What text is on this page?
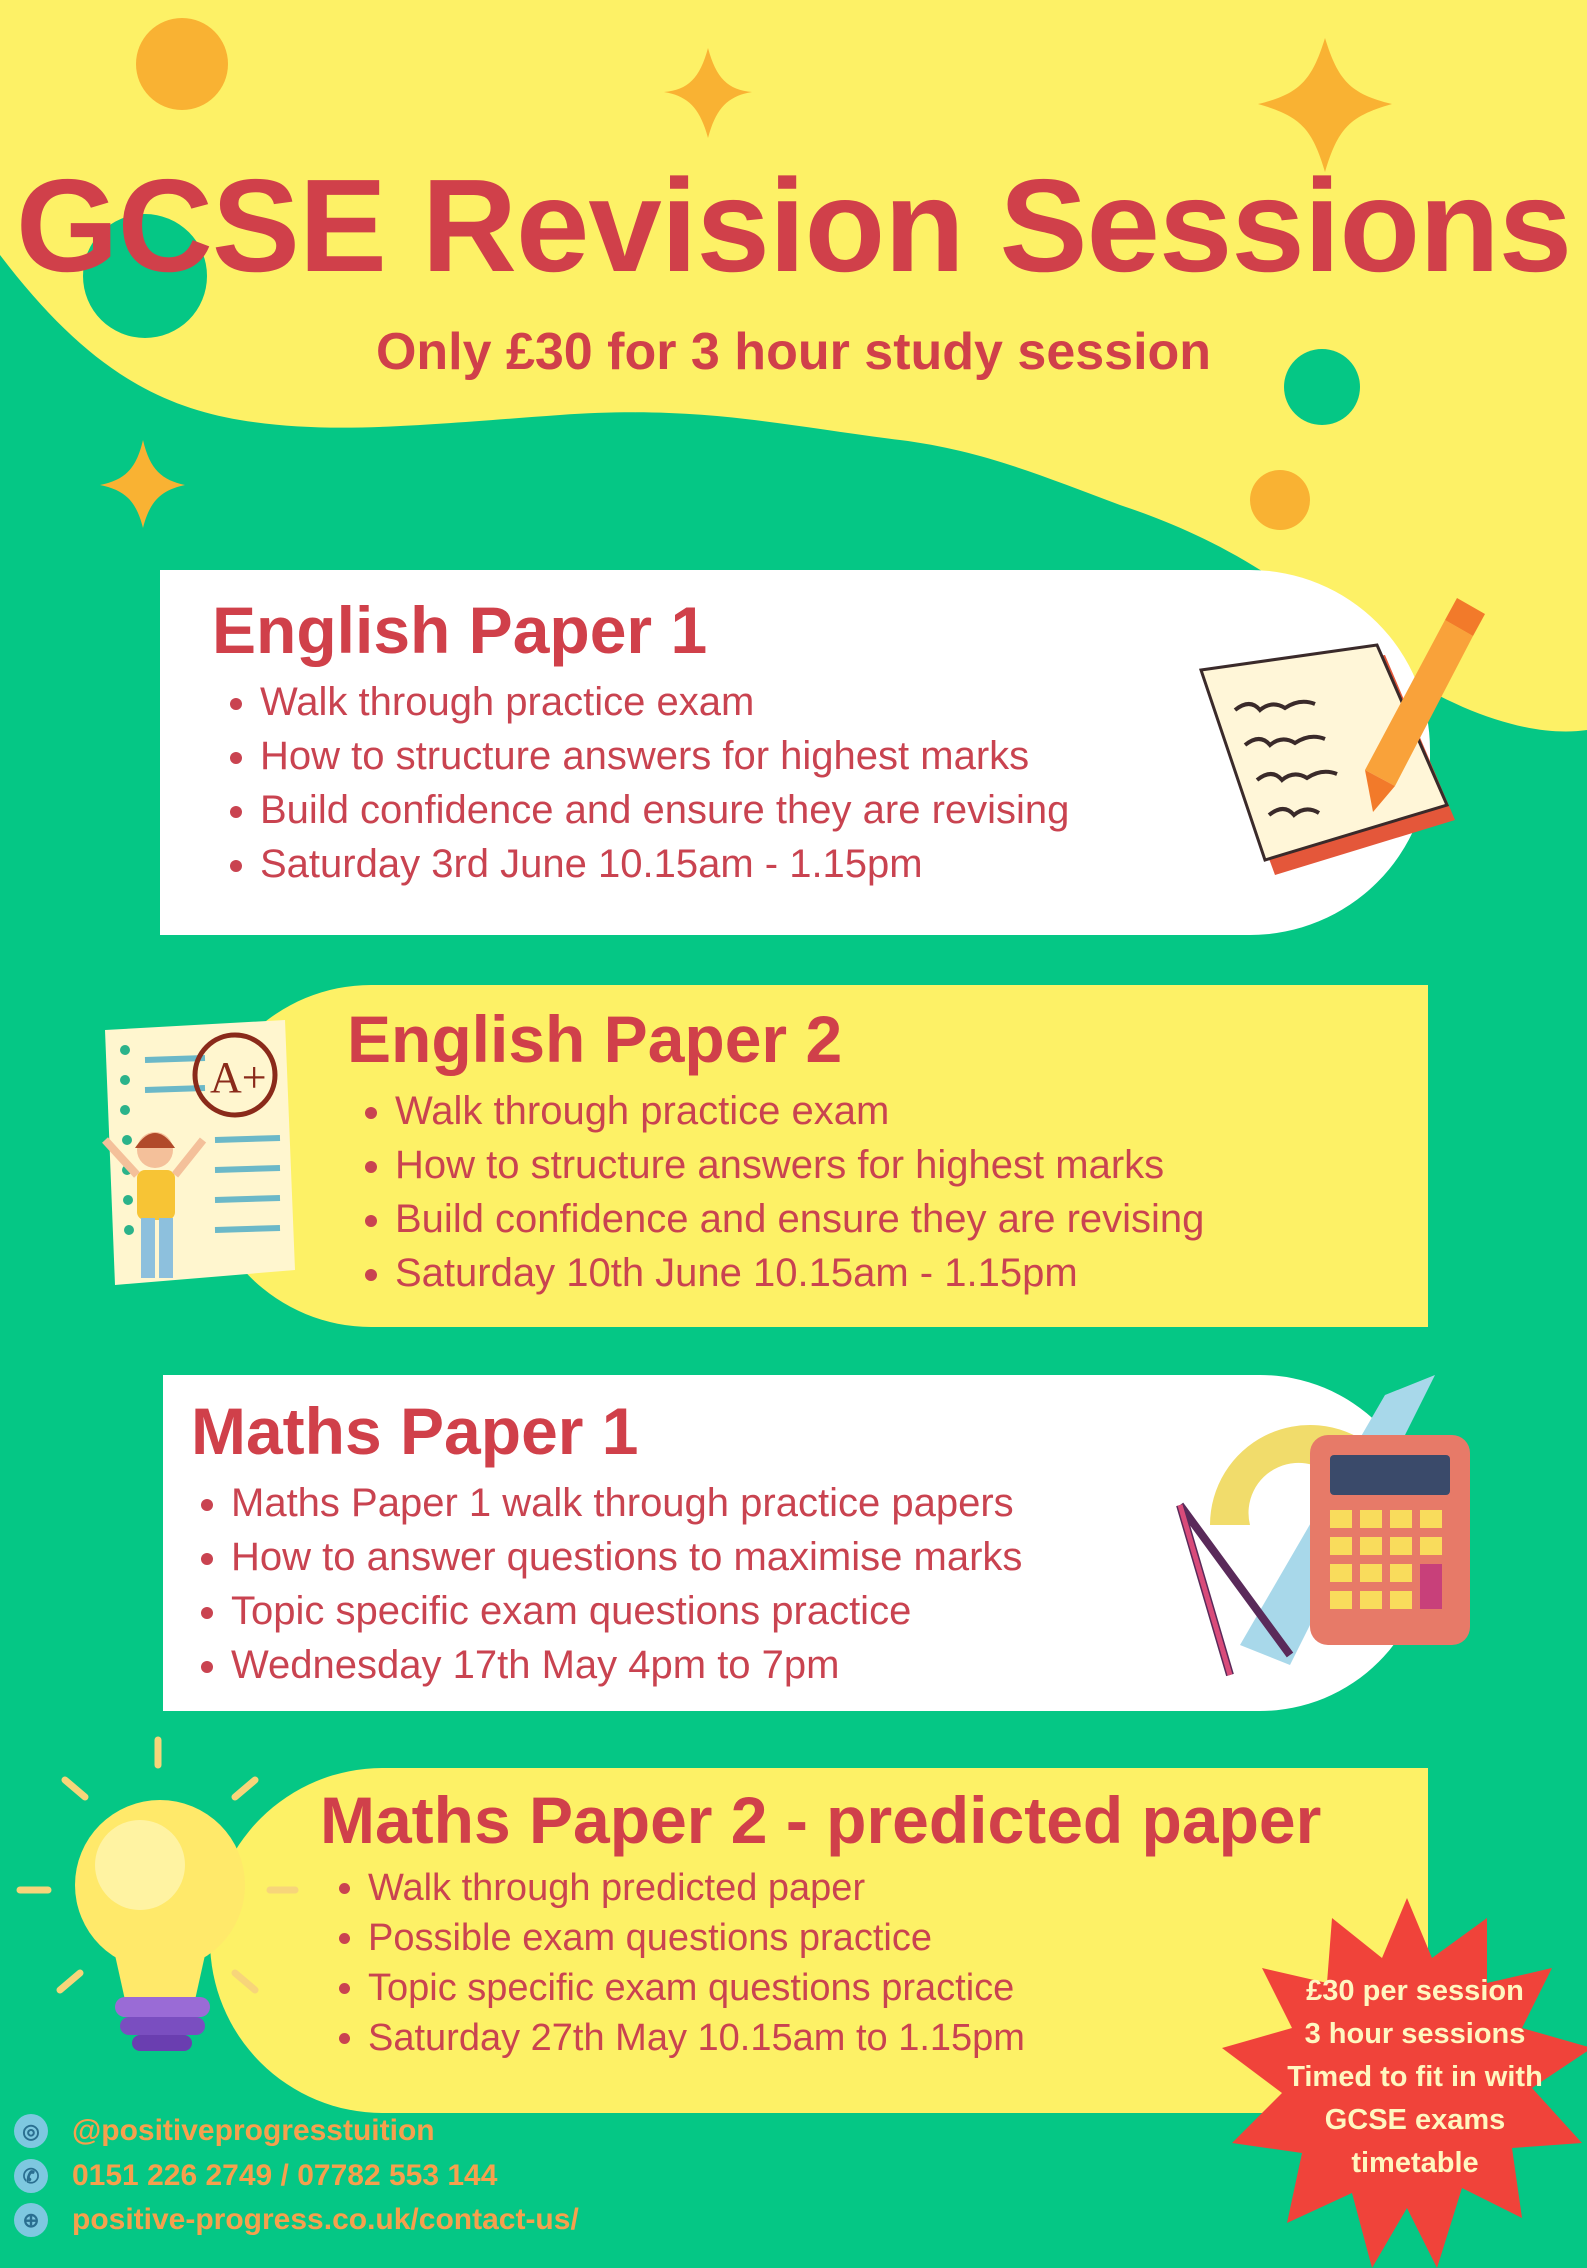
GCSE Revision Sessions

Only £30 for 3 hour study session

English Paper 1
• Walk through practice exam
• How to structure answers for highest marks
• Build confidence and ensure they are revising
• Saturday 3rd June 10.15am - 1.15pm
English Paper 2
• Walk through practice exam
• How to structure answers for highest marks
• Build confidence and ensure they are revising
• Saturday 10th June 10.15am - 1.15pm
A+
Maths Paper 1
• Maths Paper 1 walk through practice papers
• How to answer questions to maximise marks
• Topic specific exam questions practice
• Wednesday 17th May 4pm to 7pm
Maths Paper 2 - predicted paper
• Walk through predicted paper
• Possible exam questions practice
• Topic specific exam questions practice
• Saturday 27th May 10.15am to 1.15pm
£30 per session
3 hour sessions
Timed to fit in with
GCSE exams
timetable
◎ @positiveprogresstuition
✆ 0151 226 2749 / 07782 553 144
⊕ positive-progress.co.uk/contact-us/
